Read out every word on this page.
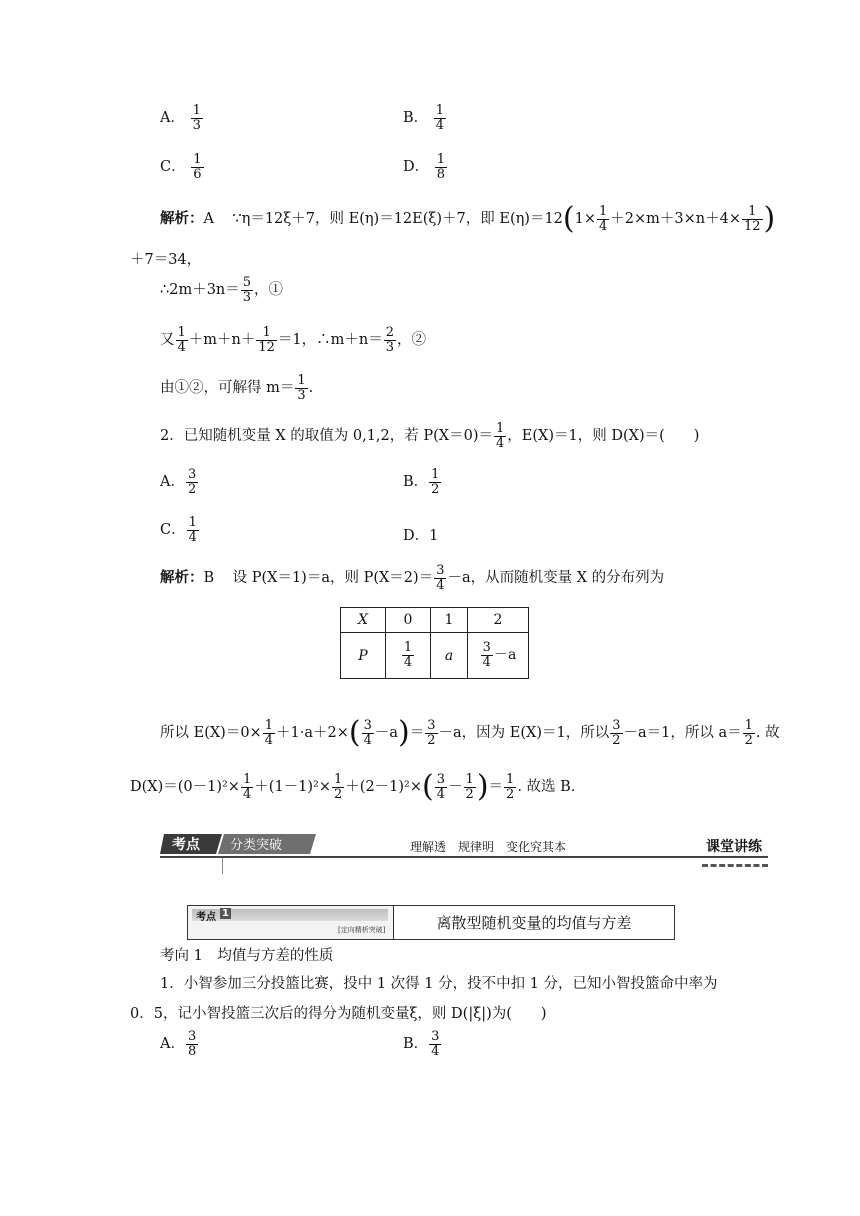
A． $\frac{1}{3}$	B． $\frac{1}{4}$
C． $\frac{1}{6}$	D． $\frac{1}{8}$
解析：A ∵η＝12ξ＋7，则 E(η)＝12E(ξ)＋7，即 $E(\eta)=12(1\times \frac{1}{4} +2\times m+3\times n+4\times \frac{1}{12}$ )
＋7＝34，
∴2m＋3n＝ $\frac{5}{3}$ ，①
又 $\frac{1}{4} +m+n+ \frac{1}{12} =1$，∴m＋n＝ $\frac{2}{3}$ ，②
由①②，可解得 $m= \frac{1}{3}$ .
2．已知随机变量 X 的取值为 0,1,2，若 $P(X=0)= \frac{1}{4}$ ，E(X)＝1，则 D(X)＝(　　)
A． $\frac{3}{2}$	B． $\frac{1}{2}$
C． $\frac{1}{4}$	D．1
解析：B 设 P(X＝1)＝a，则 $P(X=2)= \frac{3}{4} -a$，从而随机变量 X 的分布列为
X	0	1	2
P	$\frac{1}{4}$	a	$\frac{3}{4} -a$
所以 $E(X)=0\times \frac{1}{4} +1\cdot a+2\times( \frac{3}{4} -a)= \frac{3}{2} -a$，因为 E(X)＝1，所以 $\frac{3}{2} -a=1$，所以 $a= \frac{1}{2}$ . 故
$D(X)=(0-1)^2\times \frac{1}{4} +(1-1)^2\times \frac{1}{2} +(2-1)^2\times( \frac{3}{4} - \frac{1}{2}$ )＝ $\frac{1}{2}$ . 故选 B.
考点 分类突破	理解透　规律明　变化究其本	课堂讲练
考点 1
[定向精析突破]	离散型随机变量的均值与方差
考向 1　均值与方差的性质
1．小智参加三分投篮比赛，投中 1 次得 1 分，投不中扣 1 分，已知小智投篮命中率为
0．5，记小智投篮三次后的得分为随机变量ξ，则 D(|ξ|)为(　　)
A． $\frac{3}{8}$	B． $\frac{3}{4}$
